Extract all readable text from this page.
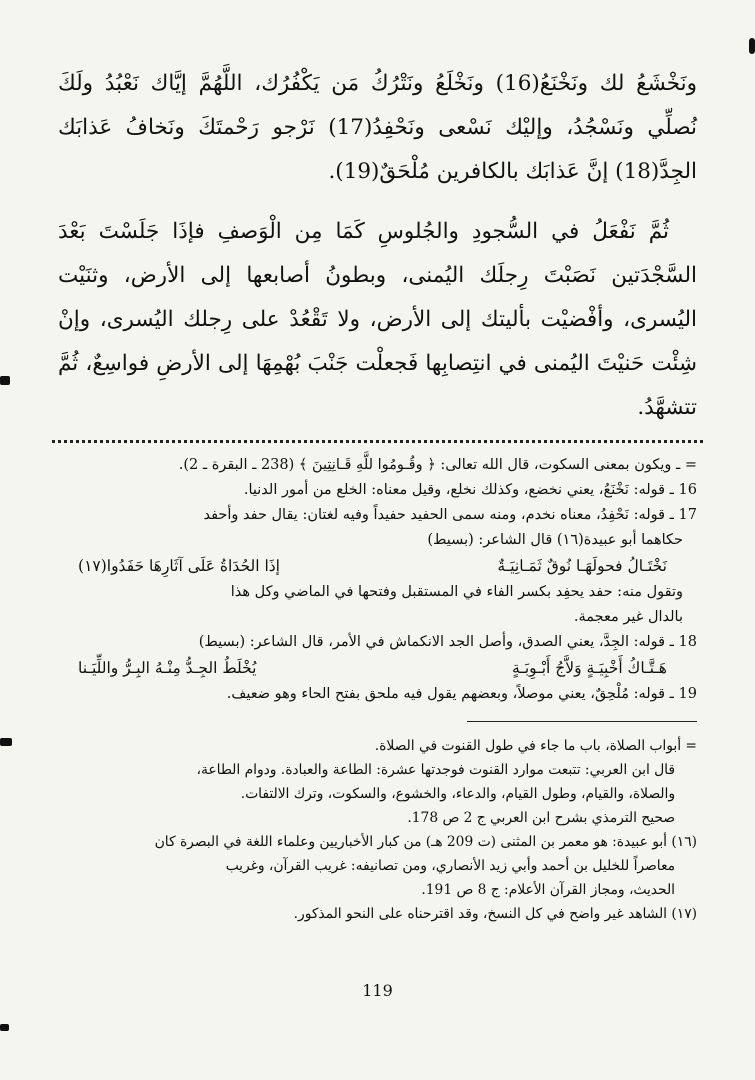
ونَخْشَعُ لك ونَخْنَعُ(16) ونَخْلَعُ ونَتْرُكُ مَن يَكْفُرُك، اللَّهُمَّ إيَّاك نَعْبُدُ ولَكَ نُصلِّي ونَسْجُدُ، وإليْك نَسْعى ونَحْفِدُ(17) نَرْجو رَحْمتَكَ ونَخافُ عَذابَك الجِدَّ(18) إنَّ عَذابَك بالكافرين مُلْحَقٌ(19).

ثُمَّ نَفْعَلُ في السُّجودِ والجُلوسِ كَمَا مِن الْوَصفِ فإذَا جَلَسْتَ بَعْدَ السَّجْدَتين نَصَبْتَ رِجلَك اليُمنى، وبطونُ أصابعها إلى الأرض، وثنَيْت اليُسرى، وأفْضيْت بأليتك إلى الأرض، ولا تَقْعُدْ على رِجلك اليُسرى، وإنْ شِئْت حَنيْتَ اليُمنى في انتِصابِها فَجعلْت جَنْبَ بُهْمِهَا إلى الأرضِ فواسِعٌ، ثُمَّ تتشهَّدُ.

= ـ ويكون بمعنى السكوت، قال الله تعالى: ﴿ وقُـومُوا للَّهِ قَـانِتِينَ ﴾ (238 ـ البقرة ـ 2).

16 ـ قوله: نَخْنَعُ، يعني نخضع، وكذلك نخلع، وقيل معناه: الخلع من أمور الدنيا.

17 ـ قوله: نَحْفِدُ، معناه نخدم، ومنه سمى الحفيد حفيداً وفيه لغتان: يقال حفد وأحفد

حكاهما أبو عبيدة(١٦) قال الشاعر: (بسيط)

نَخْتَـالُ فحولَهَـا نُوقٌ ثَمَـانِيَـةٌ
إذَا الحُدَاةُ عَلَى آثَارِهَا حَفَدُوا(١٧)

وتقول منه: حفد يحفِد بكسر الفاء في المستقبل وفتحها في الماضي وكل هذا

بالدال غير معجمة.

18 ـ قوله: الجِدَّ، يعني الصدق، وأصل الجد الانكماش في الأمر، قال الشاعر: (بسيط)

هَـتَّـاكُ أَخْبِيَـةٍ وَلاَّجُ أَبْـوِبَـةٍ
يُخْلَطُ الجِـدُّ مِنْـهُ البِـرُّ واللِّيَـنا

19 ـ قوله: مُلْحِقٌ، يعني موصلاً، وبعضهم يقول فيه ملحق بفتح الحاء وهو ضعيف.

= أبواب الصلاة، باب ما جاء في طول القنوت في الصلاة.

قال ابن العربي: تتبعت موارد القنوت فوجدتها عشرة: الطاعة والعبادة. ودوام الطاعة،

والصلاة، والقيام، وطول القيام، والدعاء، والخشوع، والسكوت، وترك الالتفات.

صحيح الترمذي بشرح ابن العربي ج 2 ص 178.

(١٦) أبو عبيدة: هو معمر بن المثنى (ت 209 هـ) من كبار الأخباريين وعلماء اللغة في البصرة كان

معاصراً للخليل بن أحمد وأبي زيد الأنصاري، ومن تصانيفه: غريب القرآن، وغريب

الحديث، ومجاز القرآن الأعلام: ج 8 ص 191.

(١٧) الشاهد غير واضح في كل النسخ، وقد اقترحناه على النحو المذكور.

119
